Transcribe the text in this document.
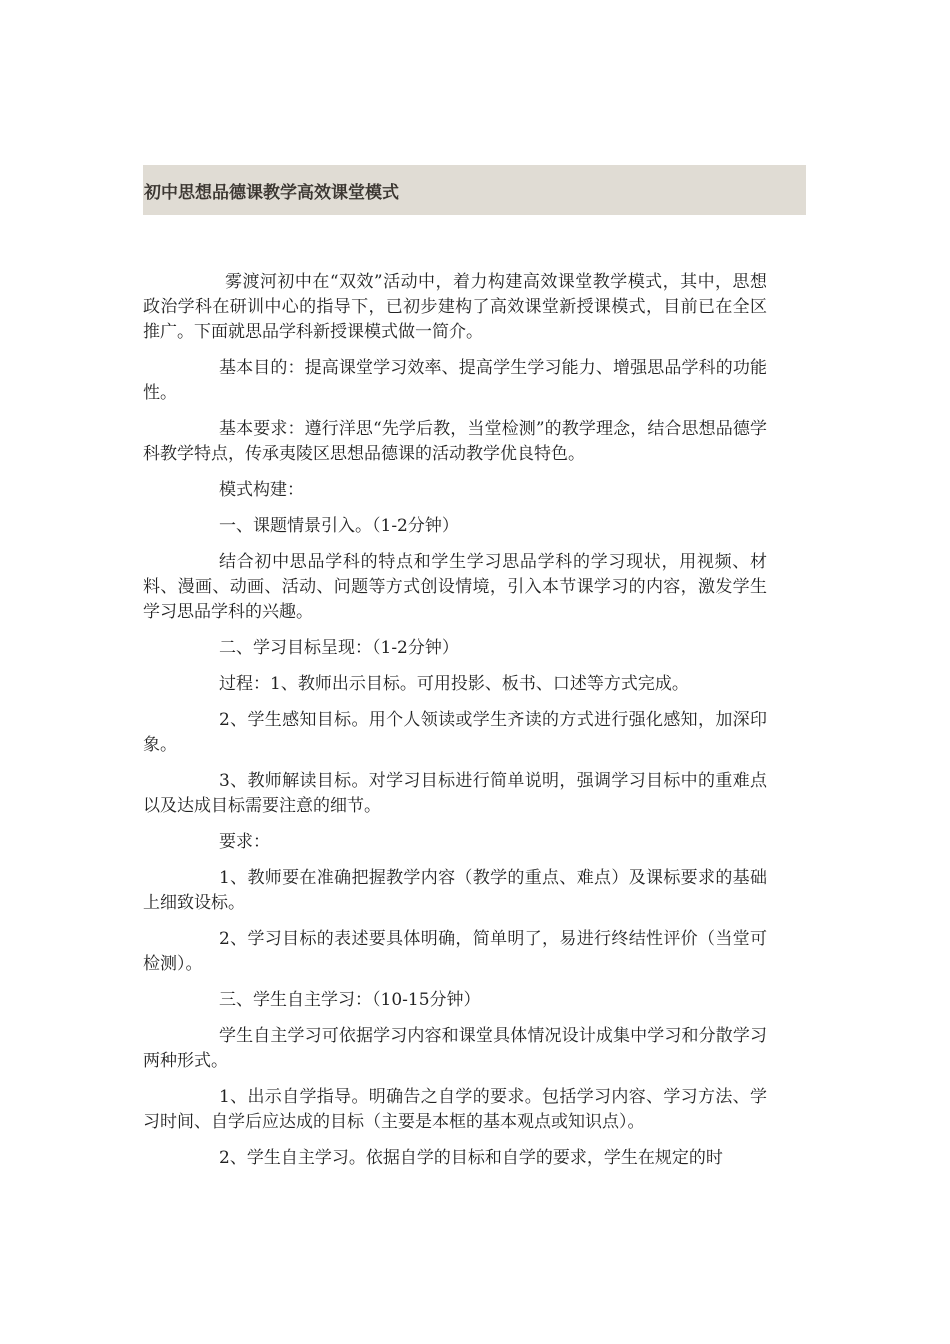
初中思想品德课教学高效课堂模式

雾渡河初中在“双效”活动中，着力构建高效课堂教学模式，其中，思想政治学科在研训中心的指导下，已初步建构了高效课堂新授课模式，目前已在全区推广。下面就思品学科新授课模式做一简介。

基本目的：提高课堂学习效率、提高学生学习能力、增强思品学科的功能性。

基本要求：遵行洋思“先学后教，当堂检测”的教学理念，结合思想品德学科教学特点，传承夷陵区思想品德课的活动教学优良特色。

模式构建：

一、课题情景引入。（1-2分钟）

结合初中思品学科的特点和学生学习思品学科的学习现状，用视频、材料、漫画、动画、活动、问题等方式创设情境，引入本节课学习的内容，激发学生学习思品学科的兴趣。

二、学习目标呈现：（1-2分钟）

过程：1、教师出示目标。可用投影、板书、口述等方式完成。

2、学生感知目标。用个人领读或学生齐读的方式进行强化感知，加深印象。

3、教师解读目标。对学习目标进行简单说明，强调学习目标中的重难点以及达成目标需要注意的细节。

要求：

1、教师要在准确把握教学内容（教学的重点、难点）及课标要求的基础上细致设标。

2、学习目标的表述要具体明确，简单明了，易进行终结性评价（当堂可检测）。

三、学生自主学习：（10-15分钟）

学生自主学习可依据学习内容和课堂具体情况设计成集中学习和分散学习两种形式。

1、出示自学指导。明确告之自学的要求。包括学习内容、学习方法、学习时间、自学后应达成的目标（主要是本框的基本观点或知识点）。

2、学生自主学习。依据自学的目标和自学的要求，学生在规定的时
